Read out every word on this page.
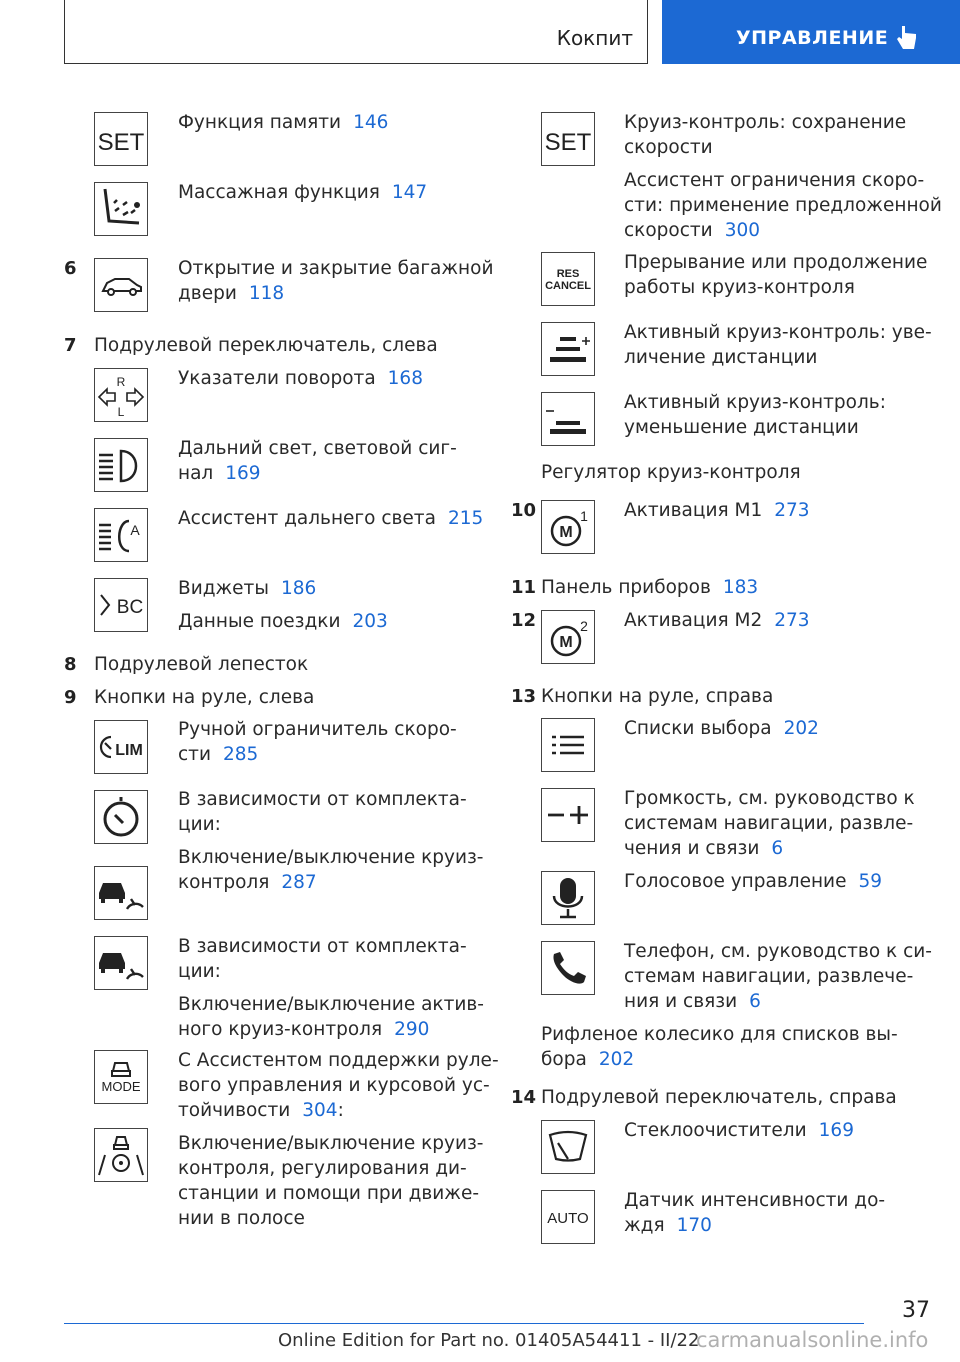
Кокпит	УПРАВЛЕНИЕ
SET
Функция памяти 146
Массажная функция 147
6	Открытие и закрытие багажной
двери 118
7 Подрулевой переключатель, слева
R
L
Указатели поворота 168
Дальний свет, световой сиг-
нал 169
A
Ассистент дальнего света 215
BC
Виджеты 186
Данные поездки 203
8 Подрулевой лепесток
9 Кнопки на руле, слева
LIM
Ручной ограничитель скоро-
сти 285
В зависимости от комплекта-
ции:
Включение/выключение круиз-
контроля 287
В зависимости от комплекта-
ции:
Включение/выключение актив-
ного круиз-контроля 290
MODE
С Ассистентом поддержки руле-
вого управления и курсовой ус-
тойчивости 304:
Включение/выключение круиз-
контроля, регулирования ди-
станции и помощи при движе-
нии в полосе
SET
Круиз-контроль: сохранение
скорости
Ассистент ограничения скоро-
сти: применение предложенной
скорости 300
RES
CANCEL
Прерывание или продолжение
работы круиз-контроля
Активный круиз-контроль: уве-
личение дистанции
Активный круиз-контроль:
уменьшение дистанции
Регулятор круиз-контроля
10
M
1 Активация M1 273
11 Панель приборов 183
12
M
2 Активация M2 273
13 Кнопки на руле, справа
Списки выбора 202
Громкость, см. руководство к
системам навигации, развле-
чения и связи 6
Голосовое управление 59
Телефон, см. руководство к си-
стемам навигации, развлече-
ния и связи 6
Рифленое колесико для списков вы-
бора 202
14 Подрулевой переключатель, справа
Стеклоочистители 169
AUTO
Датчик интенсивности до-
ждя 170
37
Online Edition for Part no. 01405A54411 - II/22
carmanualsonline.info
